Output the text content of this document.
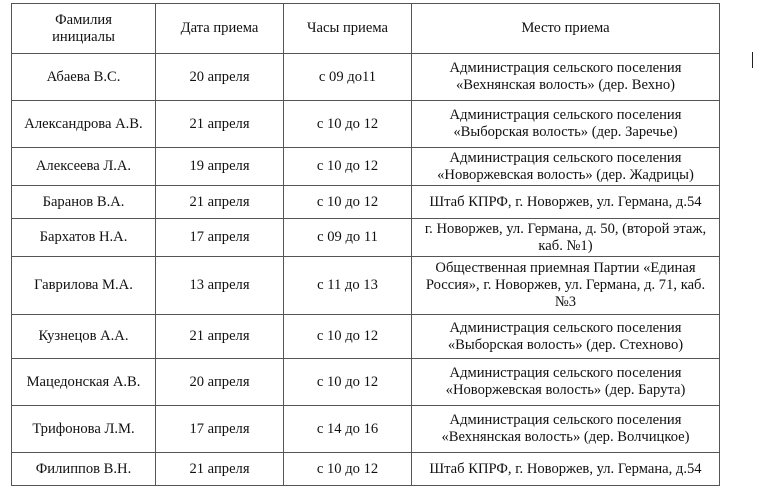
Фамилия
инициалы	Дата приема	Часы приема	Место приема
Абаева В.С.	20 апреля	с 09 до11	Администрация сельского поселения
«Вехнянская волость» (дер. Вехно)
Александрова А.В.	21 апреля	с 10 до 12	Администрация сельского поселения
«Выборская волость» (дер. Заречье)
Алексеева Л.А.	19 апреля	с 10 до 12	Администрация сельского поселения
«Новоржевская волость» (дер. Жадрицы)
Баранов В.А.	21 апреля	с 10 до 12	Штаб КПРФ, г. Новоржев, ул. Германа, д.54
Бархатов Н.А.	17 апреля	с 09 до 11	г. Новоржев, ул. Германа, д. 50, (второй этаж,
каб. №1)
Гаврилова М.А.	13 апреля	с 11 до 13	Общественная приемная Партии «Единая
Россия», г. Новоржев, ул. Германа, д. 71, каб.
№3
Кузнецов А.А.	21 апреля	с 10 до 12	Администрация сельского поселения
«Выборская волость» (дер. Стехново)
Мацедонская А.В.	20 апреля	с 10 до 12	Администрация сельского поселения
«Новоржевская волость» (дер. Барута)
Трифонова Л.М.	17 апреля	с 14 до 16	Администрация сельского поселения
«Вехнянская волость» (дер. Волчицкое)
Филиппов В.Н.	21 апреля	с 10 до 12	Штаб КПРФ, г. Новоржев, ул. Германа, д.54
